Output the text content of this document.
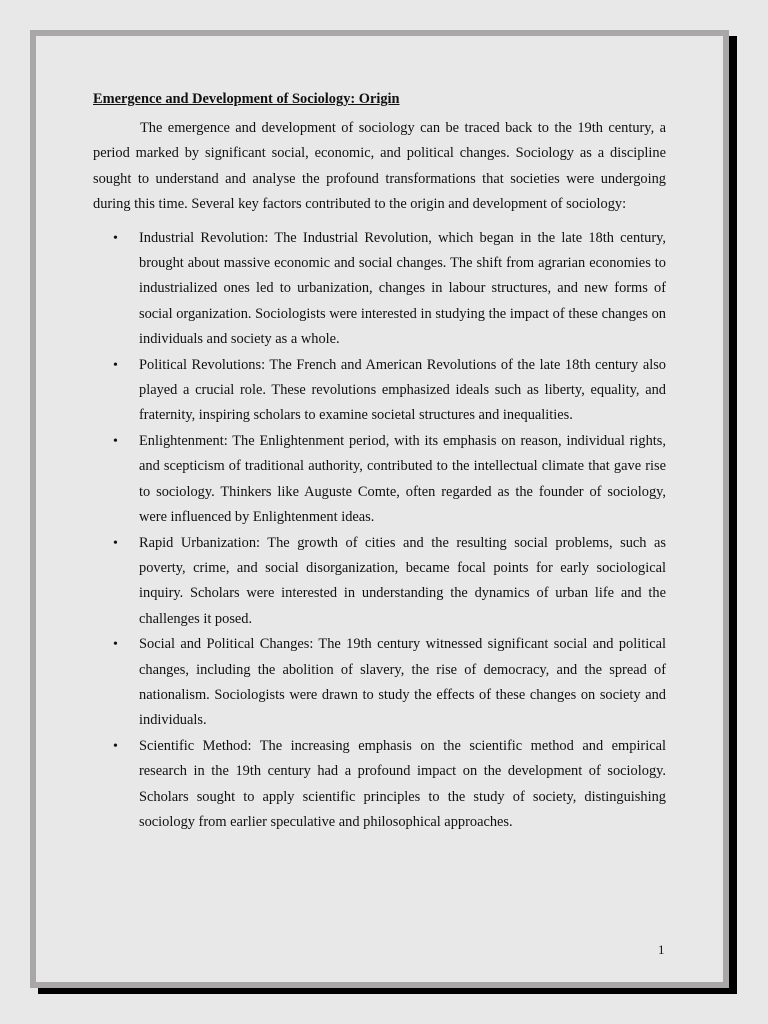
Emergence and Development of Sociology: Origin

The emergence and development of sociology can be traced back to the 19th century, a period marked by significant social, economic, and political changes. Sociology as a discipline sought to understand and analyse the profound transformations that societies were undergoing during this time. Several key factors contributed to the origin and development of sociology:

•	Industrial Revolution: The Industrial Revolution, which began in the late 18th century, brought about massive economic and social changes. The shift from agrarian economies to industrialized ones led to urbanization, changes in labour structures, and new forms of social organization. Sociologists were interested in studying the impact of these changes on individuals and society as a whole.
•	Political Revolutions: The French and American Revolutions of the late 18th century also played a crucial role. These revolutions emphasized ideals such as liberty, equality, and fraternity, inspiring scholars to examine societal structures and inequalities.
•	Enlightenment: The Enlightenment period, with its emphasis on reason, individual rights, and scepticism of traditional authority, contributed to the intellectual climate that gave rise to sociology. Thinkers like Auguste Comte, often regarded as the founder of sociology, were influenced by Enlightenment ideas.
•	Rapid Urbanization: The growth of cities and the resulting social problems, such as poverty, crime, and social disorganization, became focal points for early sociological inquiry. Scholars were interested in understanding the dynamics of urban life and the challenges it posed.
•	Social and Political Changes: The 19th century witnessed significant social and political changes, including the abolition of slavery, the rise of democracy, and the spread of nationalism. Sociologists were drawn to study the effects of these changes on society and individuals.
•	Scientific Method: The increasing emphasis on the scientific method and empirical research in the 19th century had a profound impact on the development of sociology. Scholars sought to apply scientific principles to the study of society, distinguishing sociology from earlier speculative and philosophical approaches.
1
